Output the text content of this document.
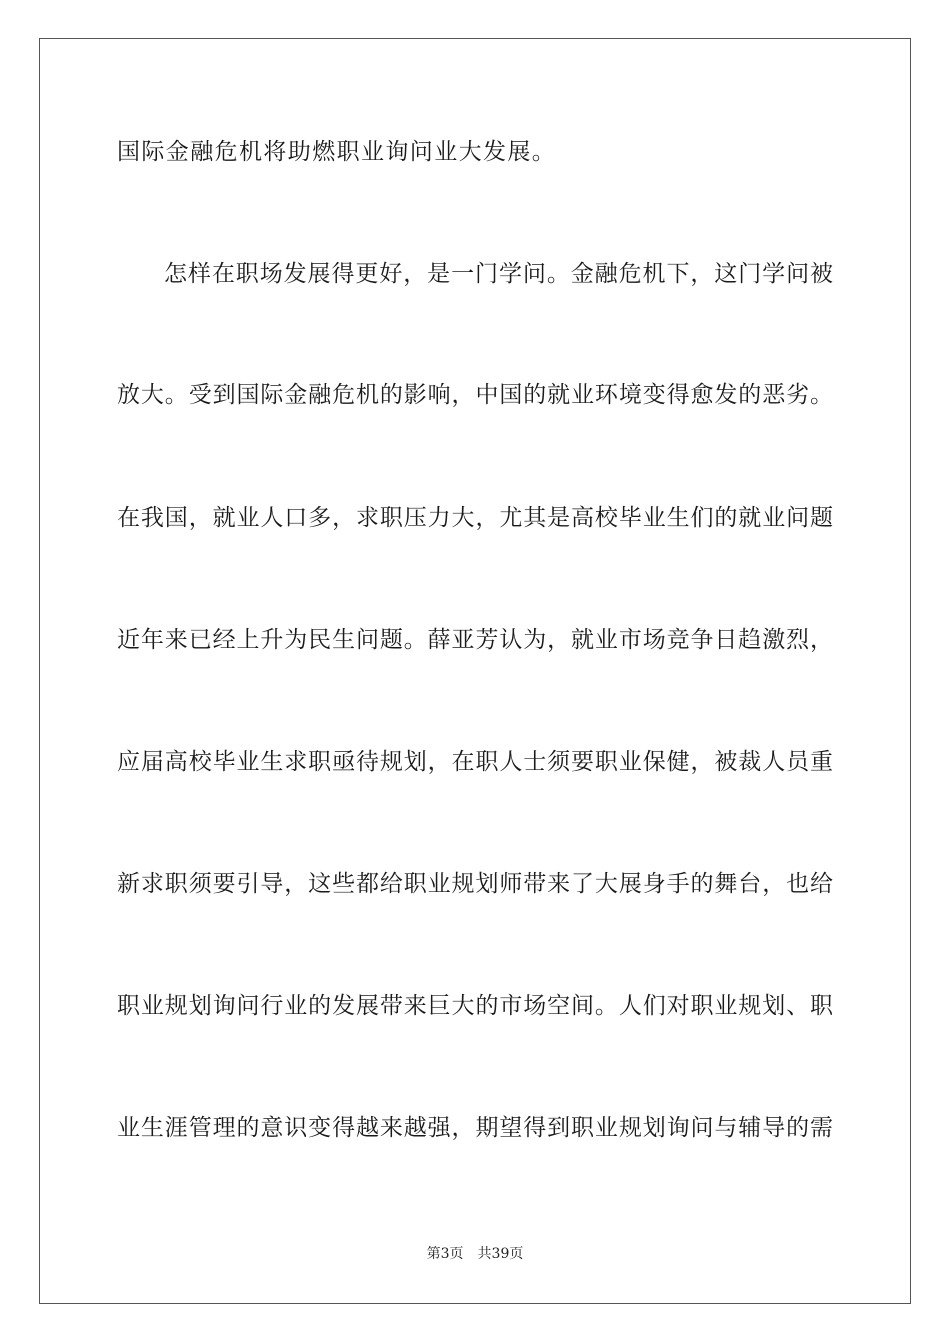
国际金融危机将助燃职业询问业大发展。
怎样在职场发展得更好，是一门学问。金融危机下，这门学问被
放大。受到国际金融危机的影响，中国的就业环境变得愈发的恶劣。
在我国，就业人口多，求职压力大，尤其是高校毕业生们的就业问题
近年来已经上升为民生问题。薛亚芳认为，就业市场竞争日趋激烈，
应届高校毕业生求职亟待规划，在职人士须要职业保健，被裁人员重
新求职须要引导，这些都给职业规划师带来了大展身手的舞台，也给
职业规划询问行业的发展带来巨大的市场空间。人们对职业规划、职
业生涯管理的意识变得越来越强，期望得到职业规划询问与辅导的需
第3页 共39页
